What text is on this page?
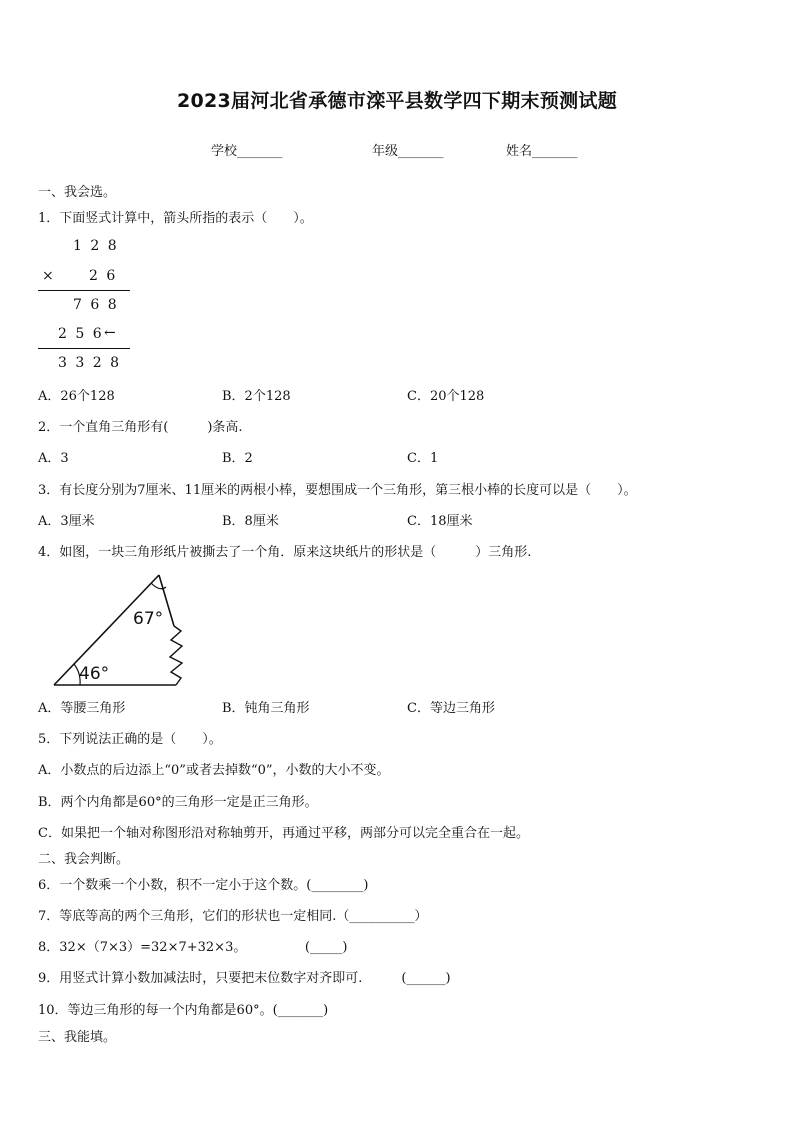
2023届河北省承德市滦平县数学四下期末预测试题
学校_______	年级_______	姓名_______
一、我会选。
1．下面竖式计算中，箭头所指的表示（　　）。
1 2 8
× 2 6
7 6 8
2 5 6 ←
3 3 2 8
A．26个128	B．2个128	C．20个128
2．一个直角三角形有(　　　)条高.
A．3	B．2	C．1
3．有长度分别为7厘米、11厘米的两根小棒，要想围成一个三角形，第三根小棒的长度可以是（　　）。
A．3厘米	B．8厘米	C．18厘米
4．如图，一块三角形纸片被撕去了一个角．原来这块纸片的形状是（　　　）三角形.
67°
46°
A．等腰三角形	B．钝角三角形	C．等边三角形
5．下列说法正确的是（　　）。
A．小数点的后边添上“0”或者去掉数“0”，小数的大小不变。
B．两个内角都是60°的三角形一定是正三角形。
C．如果把一个轴对称图形沿对称轴剪开，再通过平移，两部分可以完全重合在一起。
二、我会判断。
6．一个数乘一个小数，积不一定小于这个数。(________)
7．等底等高的两个三角形，它们的形状也一定相同.（__________）
8．32×（7×3）=32×7+32×3。　　　　　(_____)
9．用竖式计算小数加减法时，只要把末位数字对齐即可.　　　(______)
10．等边三角形的每一个内角都是60°。(_______)
三、我能填。
